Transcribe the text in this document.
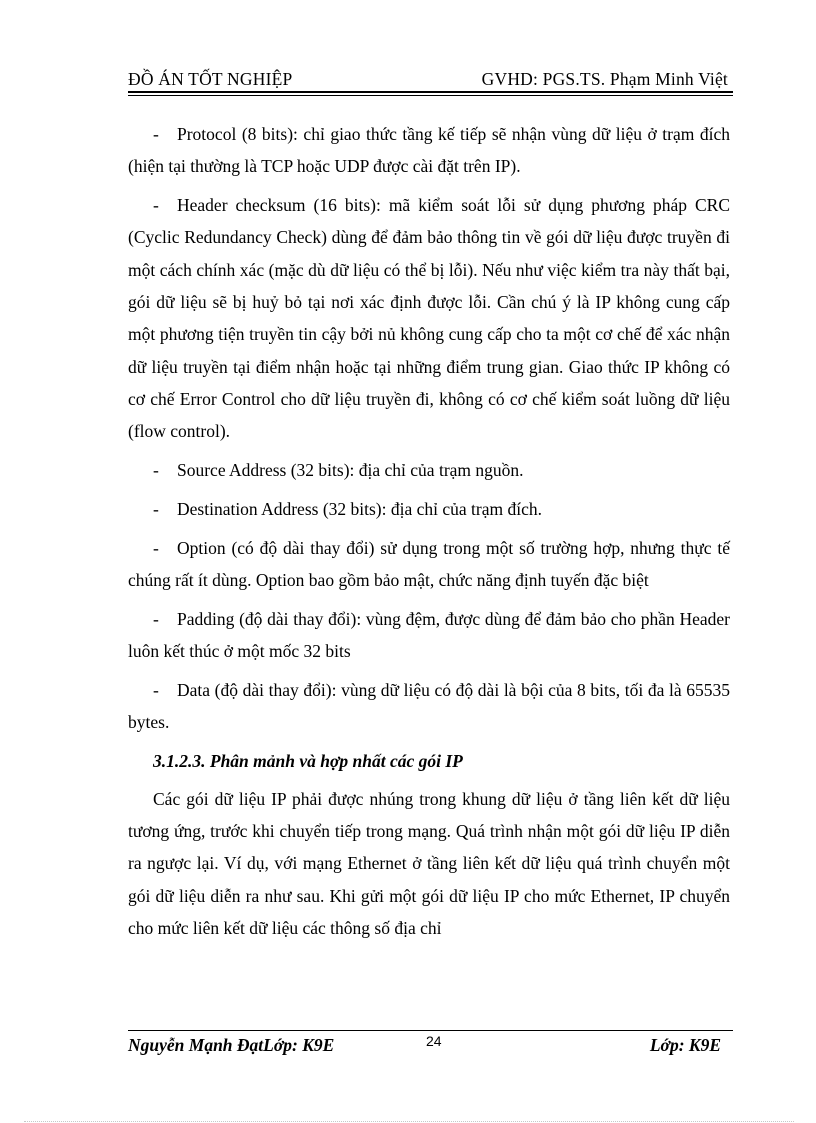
ĐỒ ÁN TỐT NGHIỆP	GVHD: PGS.TS. Phạm Minh Việt

- Protocol (8 bits): chỉ giao thức tầng kế tiếp sẽ nhận vùng dữ liệu ở trạm đích (hiện tại thường là TCP hoặc UDP được cài đặt trên IP).

- Header checksum (16 bits): mã kiểm soát lỗi sử dụng phương pháp CRC (Cyclic Redundancy Check) dùng để đảm bảo thông tin về gói dữ liệu được truyền đi một cách chính xác (mặc dù dữ liệu có thể bị lỗi). Nếu như việc kiểm tra này thất bại, gói dữ liệu sẽ bị huỷ bỏ tại nơi xác định được lỗi. Cần chú ý là IP không cung cấp một phương tiện truyền tin cậy bởi nủ không cung cấp cho ta một cơ chế để xác nhận dữ liệu truyền tại điểm nhận hoặc tại những điểm trung gian. Giao thức IP không có cơ chế Error Control cho dữ liệu truyền đi, không có cơ chế kiểm soát luồng dữ liệu (flow control).

- Source Address (32 bits): địa chỉ của trạm nguồn.

- Destination Address (32 bits): địa chỉ của trạm đích.

- Option (có độ dài thay đổi) sử dụng trong một số trường hợp, nhưng thực tế chúng rất ít dùng. Option bao gồm bảo mật, chức năng định tuyến đặc biệt

- Padding (độ dài thay đổi): vùng đệm, được dùng để đảm bảo cho phần Header luôn kết thúc ở một mốc 32 bits

- Data (độ dài thay đổi): vùng dữ liệu có độ dài là bội của 8 bits, tối đa là 65535 bytes.

3.1.2.3. Phân mảnh và hợp nhất các gói IP

Các gói dữ liệu IP phải được nhúng trong khung dữ liệu ở tầng liên kết dữ liệu tương ứng, trước khi chuyển tiếp trong mạng. Quá trình nhận một gói dữ liệu IP diễn ra ngược lại. Ví dụ, với mạng Ethernet ở tầng liên kết dữ liệu quá trình chuyển một gói dữ liệu diễn ra như sau. Khi gửi một gói dữ liệu IP cho mức Ethernet, IP chuyển cho mức liên kết dữ liệu các thông số địa chỉ

Nguyễn Mạnh ĐạtLớp: K9E	24	Lớp: K9E
